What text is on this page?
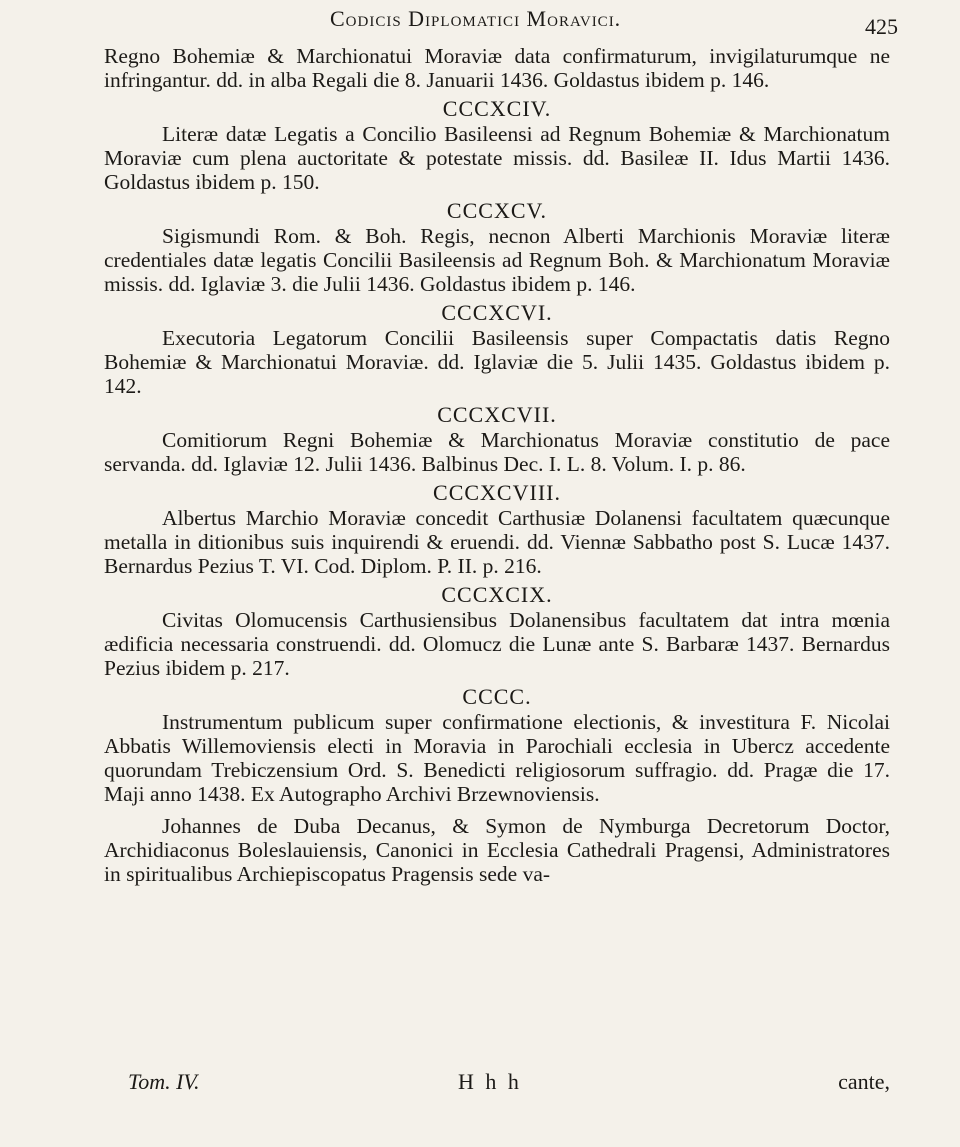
Codicis Diplomatici Moravici.	425

Regno Bohemiæ & Marchionatui Moraviæ data confirmaturum, invigilaturumque ne infringantur. dd. in alba Regali die 8. Januarii 1436. Goldastus ibidem p. 146.

CCCXCIV.

Literæ datæ Legatis a Concilio Basileensi ad Regnum Bohemiæ & Marchionatum Moraviæ cum plena auctoritate & potestate missis. dd. Basileæ II. Idus Martii 1436. Goldastus ibidem p. 150.

CCCXCV.

Sigismundi Rom. & Boh. Regis, necnon Alberti Marchionis Moraviæ literæ credentiales datæ legatis Concilii Basileensis ad Regnum Boh. & Marchionatum Moraviæ missis. dd. Iglaviæ 3. die Julii 1436. Goldastus ibidem p. 146.

CCCXCVI.

Executoria Legatorum Concilii Basileensis super Compactatis datis Regno Bohemiæ & Marchionatui Moraviæ. dd. Iglaviæ die 5. Julii 1435. Goldastus ibidem p. 142.

CCCXCVII.

Comitiorum Regni Bohemiæ & Marchionatus Moraviæ constitutio de pace servanda. dd. Iglaviæ 12. Julii 1436. Balbinus Dec. I. L. 8. Volum. I. p. 86.

CCCXCVIII.

Albertus Marchio Moraviæ concedit Carthusiæ Dolanensi facultatem quæcunque metalla in ditionibus suis inquirendi & eruendi. dd. Viennæ Sabbatho post S. Lucæ 1437. Bernardus Pezius T. VI. Cod. Diplom. P. II. p. 216.

CCCXCIX.

Civitas Olomucensis Carthusiensibus Dolanensibus facultatem dat intra mœnia ædificia necessaria construendi. dd. Olomucz die Lunæ ante S. Barbaræ 1437. Bernardus Pezius ibidem p. 217.

CCCC.

Instrumentum publicum super confirmatione electionis, & investitura F. Nicolai Abbatis Willemoviensis electi in Moravia in Parochiali ecclesia in Ubercz accedente quorundam Trebiczensium Ord. S. Benedicti religiosorum suffragio. dd. Pragæ die 17. Maji anno 1438. Ex Autographo Archivi Brzewnoviensis.

Johannes de Duba Decanus, & Symon de Nymburga Decretorum Doctor, Archidiaconus Boleslauiensis, Canonici in Ecclesia Cathedrali Pragensi, Administratores in spiritualibus Archiepiscopatus Pragensis sede va-

Tom. IV.	H h h	cante,
